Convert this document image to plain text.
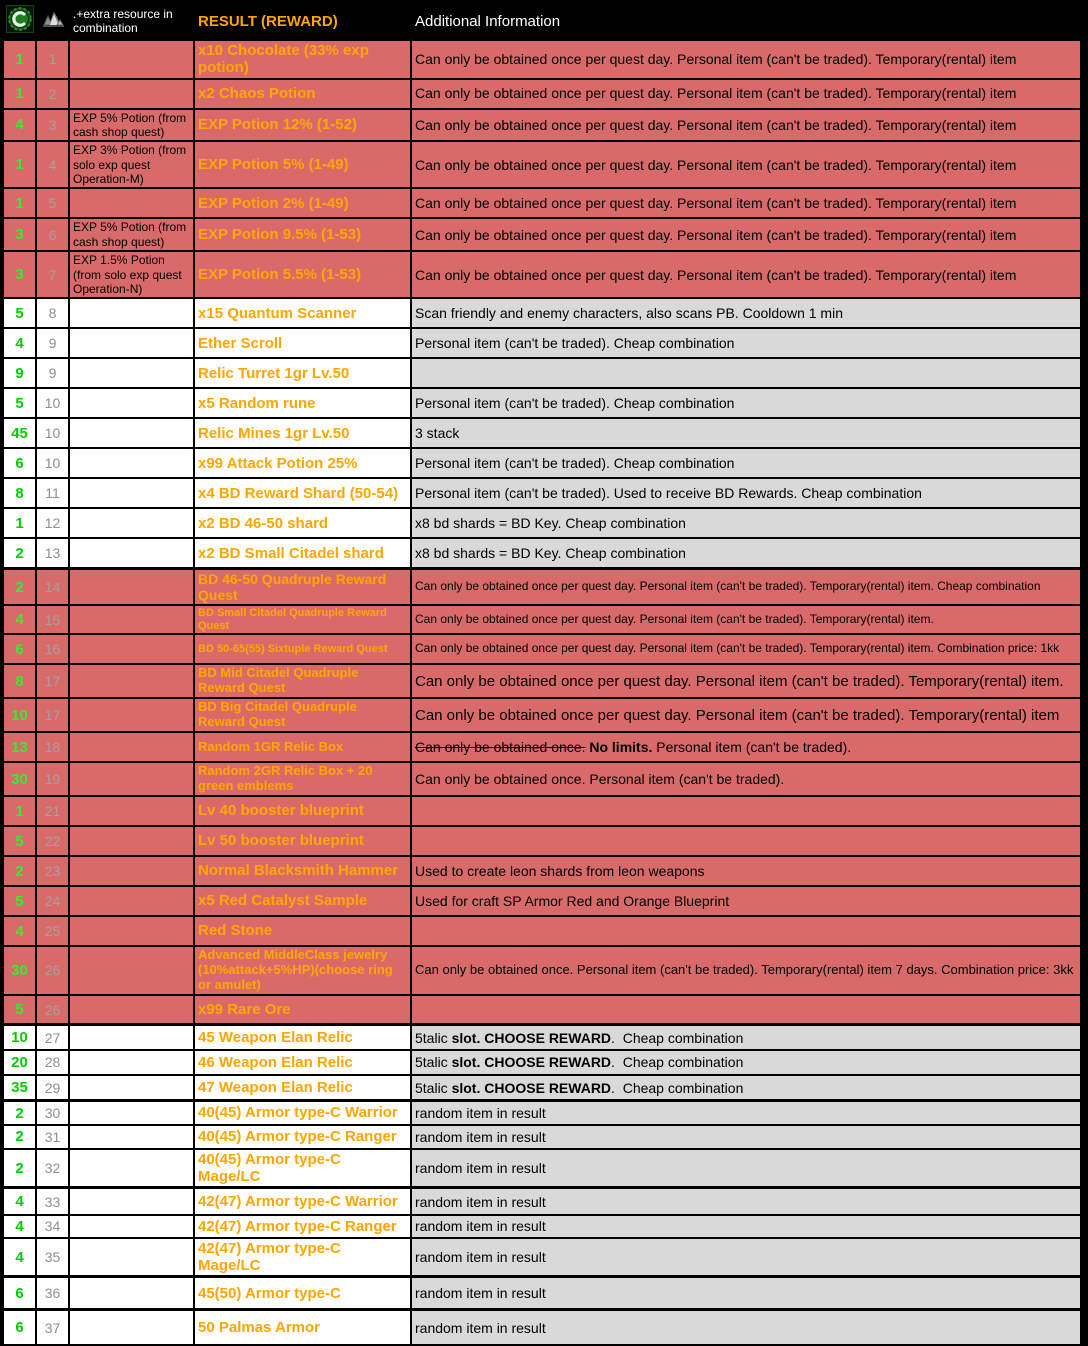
		.+extra resource in combination	RESULT (REWARD)	Additional Information
1	1		x10 Chocolate (33% exp potion)	Can only be obtained once per quest day. Personal item (can't be traded). Temporary(rental) item
1	2		x2 Chaos Potion	Can only be obtained once per quest day. Personal item (can't be traded). Temporary(rental) item
4	3	EXP 5% Potion (from cash shop quest)	EXP Potion 12% (1-52)	Can only be obtained once per quest day. Personal item (can't be traded). Temporary(rental) item
1	4	EXP 3% Potion (from solo exp quest Operation-M)	EXP Potion 5% (1-49)	Can only be obtained once per quest day. Personal item (can't be traded). Temporary(rental) item
1	5		EXP Potion 2% (1-49)	Can only be obtained once per quest day. Personal item (can't be traded). Temporary(rental) item
3	6	EXP 5% Potion (from cash shop quest)	EXP Potion 9.5% (1-53)	Can only be obtained once per quest day. Personal item (can't be traded). Temporary(rental) item
3	7	EXP 1.5% Potion (from solo exp quest Operation-N)	EXP Potion 5.5% (1-53)	Can only be obtained once per quest day. Personal item (can't be traded). Temporary(rental) item
5	8		x15 Quantum Scanner	Scan friendly and enemy characters, also scans PB. Cooldown 1 min
4	9		Ether Scroll	Personal item (can't be traded). Cheap combination
9	9		Relic Turret 1gr Lv.50	
5	10		x5 Random rune	Personal item (can't be traded). Cheap combination
45	10		Relic Mines 1gr Lv.50	3 stack
6	10		x99 Attack Potion 25%	Personal item (can't be traded). Cheap combination
8	11		x4 BD Reward Shard (50-54)	Personal item (can't be traded). Used to receive BD Rewards. Cheap combination
1	12		x2 BD 46-50 shard	x8 bd shards = BD Key. Cheap combination
2	13		x2 BD Small Citadel shard	x8 bd shards = BD Key. Cheap combination
2	14		BD 46-50 Quadruple Reward Quest	Can only be obtained once per quest day. Personal item (can't be traded). Temporary(rental) item. Cheap combination
4	15		BD Small Citadel Quadruple Reward Quest	Can only be obtained once per quest day. Personal item (can't be traded). Temporary(rental) item.
6	16		BD 50-65(55) Sixtuple Reward Quest	Can only be obtained once per quest day. Personal item (can't be traded). Temporary(rental) item. Combination price: 1kk
8	17		BD Mid Citadel Quadruple Reward Quest	Can only be obtained once per quest day. Personal item (can't be traded). Temporary(rental) item.
10	17		BD Big Citadel Quadruple Reward Quest	Can only be obtained once per quest day. Personal item (can't be traded). Temporary(rental) item
13	18		Random 1GR Relic Box	Can only be obtained once. No limits. Personal item (can't be traded).
30	19		Random 2GR Relic Box + 20 green emblems	Can only be obtained once. Personal item (can't be traded).
1	21		Lv 40 booster blueprint	
5	22		Lv 50 booster blueprint	
2	23		Normal Blacksmith Hammer	Used to create leon shards from leon weapons
5	24		x5 Red Catalyst Sample	Used for craft SP Armor Red and Orange Blueprint
4	25		Red Stone	
30	26		Advanced MiddleClass jewelry (10%attack+5%HP)(choose ring or amulet)	Can only be obtained once. Personal item (can't be traded). Temporary(rental) item 7 days. Combination price: 3kk
5	26		x99 Rare Ore	
10	27		45 Weapon Elan Relic	5talic slot. CHOOSE REWARD.  Cheap combination
20	28		46 Weapon Elan Relic	5talic slot. CHOOSE REWARD.  Cheap combination
35	29		47 Weapon Elan Relic	5talic slot. CHOOSE REWARD.  Cheap combination
2	30		40(45) Armor type-C Warrior	random item in result
2	31		40(45) Armor type-C Ranger	random item in result
2	32		40(45) Armor type-C Mage/LC	random item in result
4	33		42(47) Armor type-C Warrior	random item in result
4	34		42(47) Armor type-C Ranger	random item in result
4	35		42(47) Armor type-C Mage/LC	random item in result
6	36		45(50) Armor type-C	random item in result
6	37		50 Palmas Armor	random item in result
